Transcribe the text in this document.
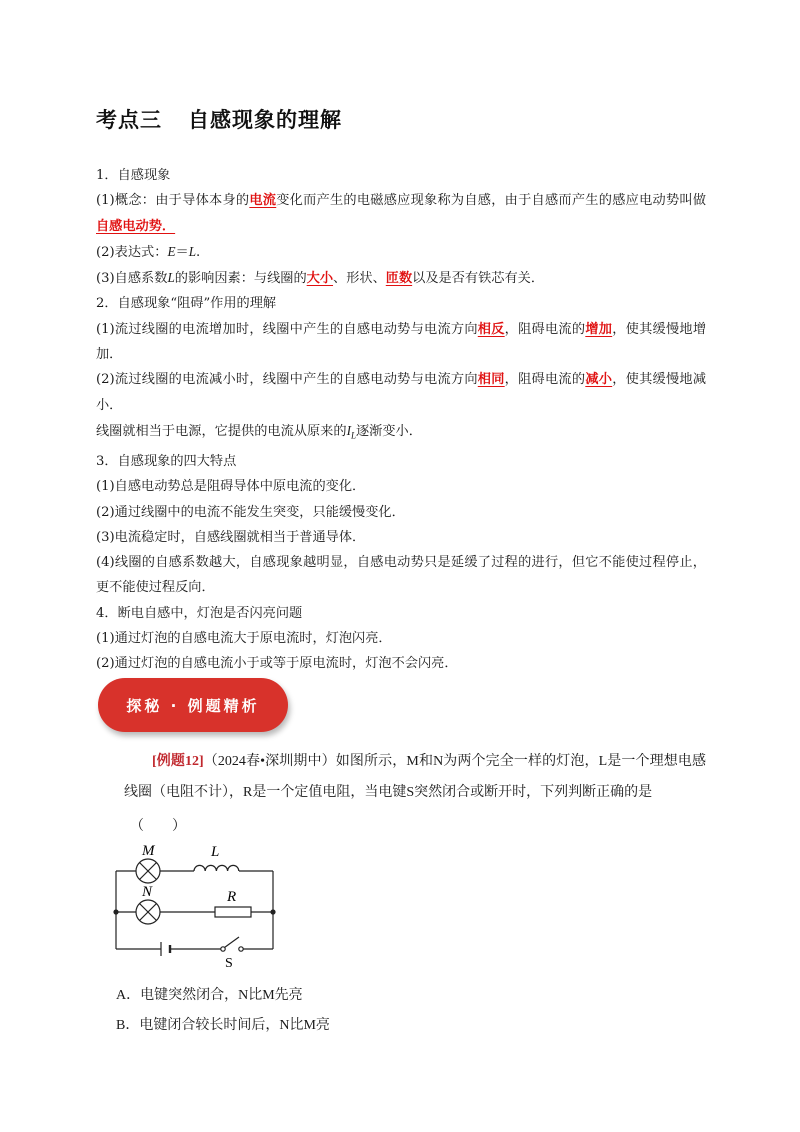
考点三 自感现象的理解
1．自感现象
(1)概念：由于导体本身的电流变化而产生的电磁感应现象称为自感，由于自感而产生的感应电动势叫做自感电动势．
(2)表达式：E＝L.
(3)自感系数L的影响因素：与线圈的大小、形状、匝数以及是否有铁芯有关．
2．自感现象“阻碍”作用的理解
(1)流过线圈的电流增加时，线圈中产生的自感电动势与电流方向相反，阻碍电流的增加，使其缓慢地增加．
(2)流过线圈的电流减小时，线圈中产生的自感电动势与电流方向相同，阻碍电流的减小，使其缓慢地减小．
线圈就相当于电源，它提供的电流从原来的$I_L$逐渐变小．
3．自感现象的四大特点
(1)自感电动势总是阻碍导体中原电流的变化．
(2)通过线圈中的电流不能发生突变，只能缓慢变化．
(3)电流稳定时，自感线圈就相当于普通导体．
(4)线圈的自感系数越大，自感现象越明显，自感电动势只是延缓了过程的进行，但它不能使过程停止，更不能使过程反向．
4．断电自感中，灯泡是否闪亮问题
(1)通过灯泡的自感电流大于原电流时，灯泡闪亮．
(2)通过灯泡的自感电流小于或等于原电流时，灯泡不会闪亮．
探秘 · 例题精析
[例题12]（2024春•深圳期中）如图所示，M和N为两个完全一样的灯泡，L是一个理想电感线圈（电阻不计），R是一个定值电阻，当电键S突然闭合或断开时，下列判断正确的是
（　　）
M	L
N	R
S
A．电键突然闭合，N比M先亮
B．电键闭合较长时间后，N比M亮
